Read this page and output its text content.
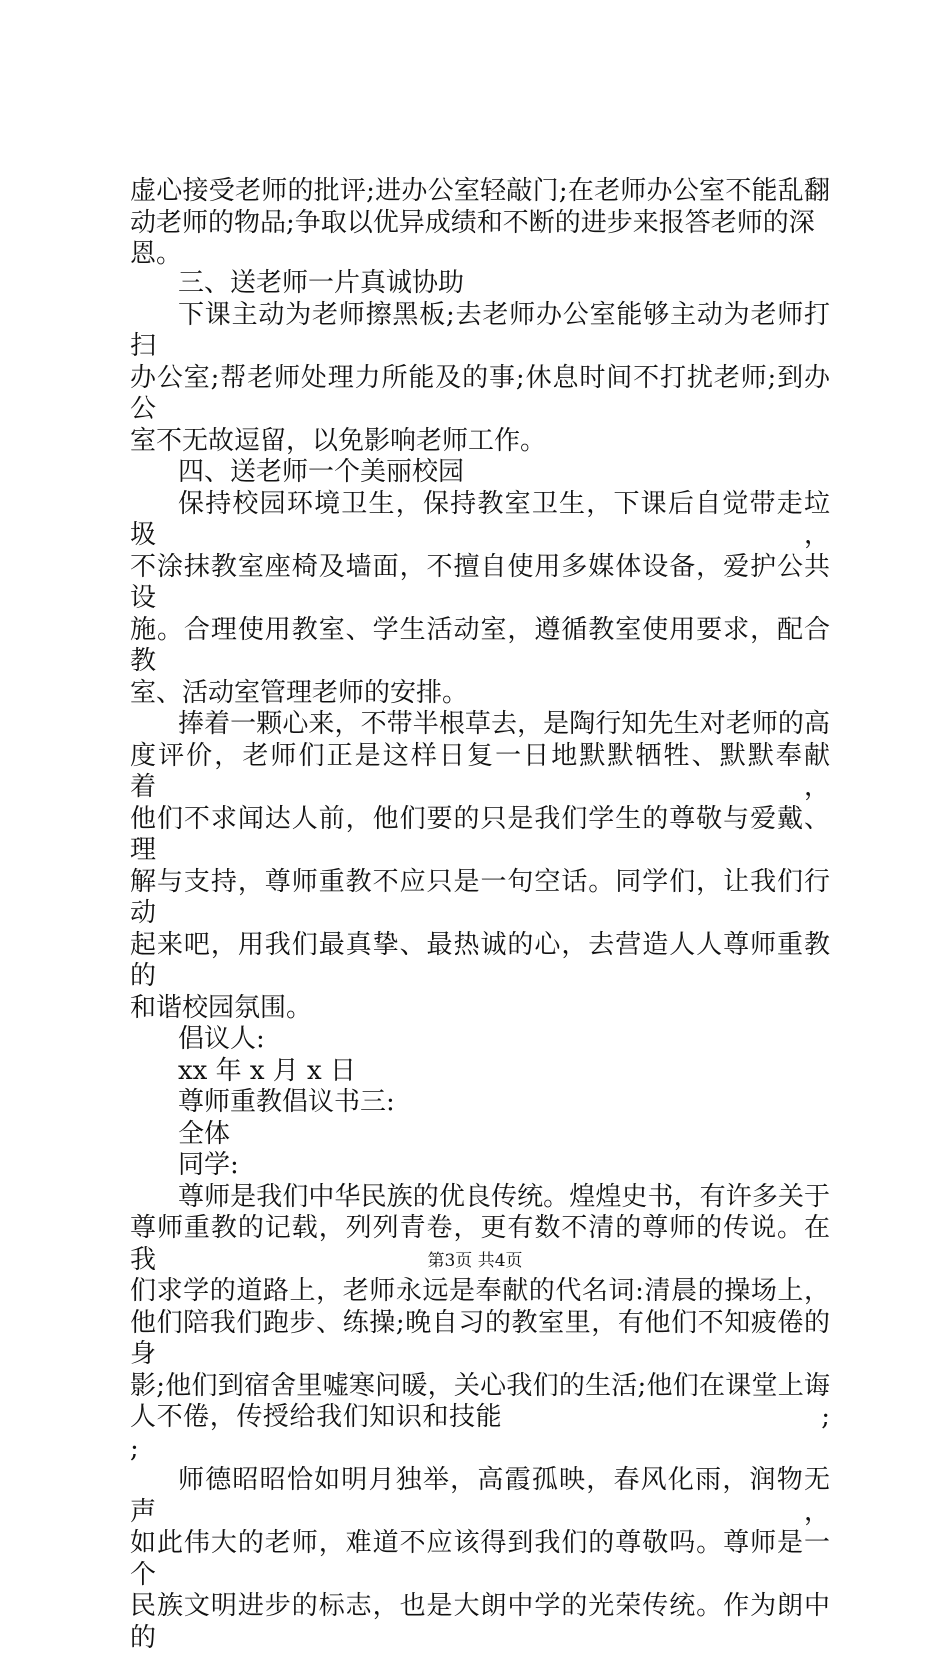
虚心接受老师的批评;进办公室轻敲门;在老师办公室不能乱翻

动老师的物品;争取以优异成绩和不断的进步来报答老师的深恩。

三、送老师一片真诚协助

下课主动为老师擦黑板;去老师办公室能够主动为老师打扫

办公室;帮老师处理力所能及的事;休息时间不打扰老师;到办公

室不无故逗留，以免影响老师工作。

四、送老师一个美丽校园

保持校园环境卫生，保持教室卫生，下课后自觉带走垃圾，

不涂抹教室座椅及墙面，不擅自使用多媒体设备，爱护公共设

施。合理使用教室、学生活动室，遵循教室使用要求，配合教

室、活动室管理老师的安排。

捧着一颗心来，不带半根草去，是陶行知先生对老师的高

度评价，老师们正是这样日复一日地默默牺牲、默默奉献着，

他们不求闻达人前，他们要的只是我们学生的尊敬与爱戴、理

解与支持，尊师重教不应只是一句空话。同学们，让我们行动

起来吧，用我们最真挚、最热诚的心，去营造人人尊师重教的

和谐校园氛围。

倡议人:

xx 年 x 月 x 日

尊师重教倡议书三:

全体

同学:

尊师是我们中华民族的优良传统。煌煌史书，有许多关于

尊师重教的记载，列列青卷，更有数不清的尊师的传说。在我

们求学的道路上，老师永远是奉献的代名词:清晨的操场上，

他们陪我们跑步、练操;晚自习的教室里，有他们不知疲倦的身

影;他们到宿舍里嘘寒问暖，关心我们的生活;他们在课堂上诲

人不倦，传授给我们知识和技能　　　　　　　　　　　　;

;

师德昭昭恰如明月独举，高霞孤映，春风化雨，润物无声，

如此伟大的老师，难道不应该得到我们的尊敬吗。尊师是一个

民族文明进步的标志，也是大朗中学的光荣传统。作为朗中的

第3页 共4页
